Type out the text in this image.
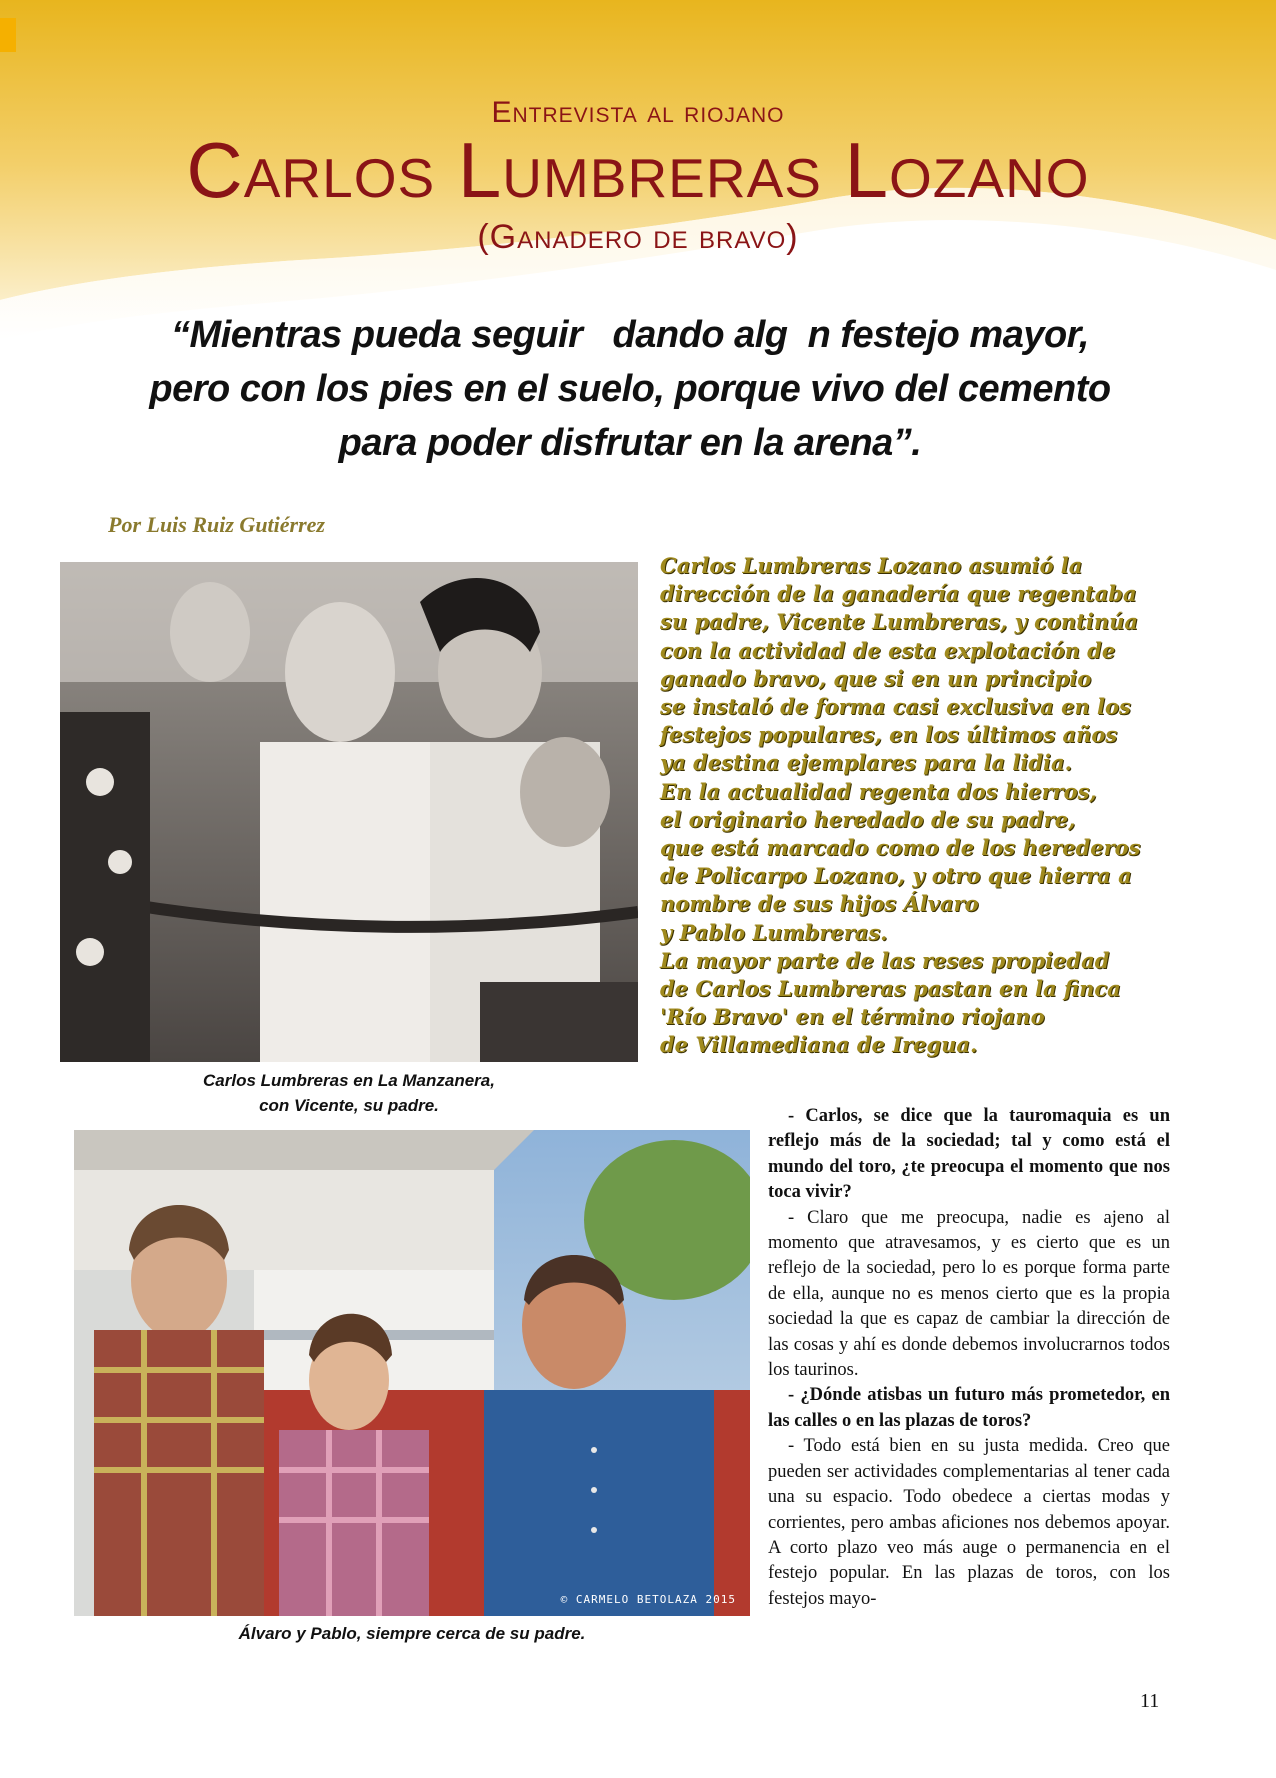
Entrevista al riojano
Carlos Lumbreras Lozano
(Ganadero de bravo)
“Mientras pueda seguir   dando alg  n festejo mayor,
pero con los pies en el suelo, porque vivo del cemento
para poder disfrutar en la arena”.
Por Luis Ruiz Gutiérrez
Carlos Lumbreras en La Manzanera,
con Vicente, su padre.
© CARMELO BETOLAZA 2015
Álvaro y Pablo, siempre cerca de su padre.
Carlos Lumbreras Lozano asumió la
dirección de la ganadería que regentaba
su padre, Vicente Lumbreras, y continúa
con la actividad de esta explotación de
ganado bravo, que si en un principio
se instaló de forma casi exclusiva en los
festejos populares, en los últimos años
ya destina ejemplares para la lidia.
En la actualidad regenta dos hierros,
el originario heredado de su padre,
que está marcado como de los herederos
de Policarpo Lozano, y otro que hierra a
nombre de sus hijos Álvaro
y Pablo Lumbreras.
La mayor parte de las reses propiedad
de Carlos Lumbreras pastan en la finca
'Río Bravo' en el término riojano
de Villamediana de Iregua.

- Carlos, se dice que la tauromaquia es un reflejo más de la sociedad; tal y como está el mundo del toro, ¿te preocupa el momento que nos toca vivir?

- Claro que me preocupa, nadie es ajeno al momento que atravesamos, y es cierto que es un reflejo de la sociedad, pero lo es porque forma parte de ella, aunque no es menos cierto que es la propia sociedad la que es capaz de cambiar la dirección de las cosas y ahí es donde debemos involucrarnos todos los taurinos.

- ¿Dónde atisbas un futuro más prometedor, en las calles o en las plazas de toros?

- Todo está bien en su justa medida. Creo que pueden ser actividades complementarias al tener cada una su espacio. Todo obedece a ciertas modas y corrientes, pero ambas aficiones nos debemos apoyar. A corto plazo veo más auge o permanencia en el festejo popular. En las plazas de toros, con los festejos mayo-

11
